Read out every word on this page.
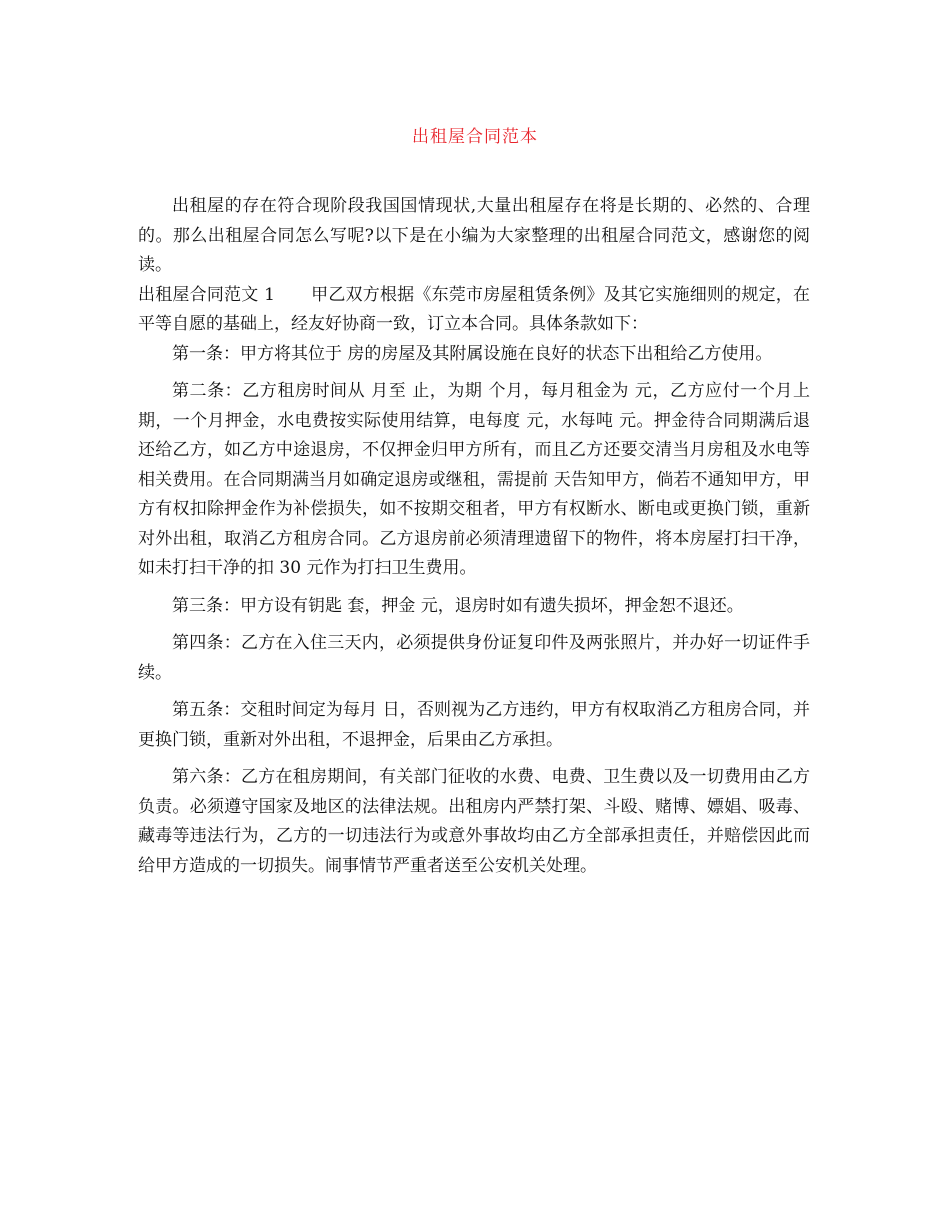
出租屋合同范本

出租屋的存在符合现阶段我国国情现状,大量出租屋存在将是长期的、必然的、合理的。那么出租屋合同怎么写呢?以下是在小编为大家整理的出租屋合同范文，感谢您的阅读。

出租屋合同范文 1 甲乙双方根据《东莞市房屋租赁条例》及其它实施细则的规定，在平等自愿的基础上，经友好协商一致，订立本合同。具体条款如下：

第一条：甲方将其位于 房的房屋及其附属设施在良好的状态下出租给乙方使用。

第二条：乙方租房时间从 月至 止，为期 个月，每月租金为 元，乙方应付一个月上期，一个月押金，水电费按实际使用结算，电每度 元，水每吨 元。押金待合同期满后退还给乙方，如乙方中途退房，不仅押金归甲方所有，而且乙方还要交清当月房租及水电等相关费用。在合同期满当月如确定退房或继租，需提前 天告知甲方，倘若不通知甲方，甲方有权扣除押金作为补偿损失，如不按期交租者，甲方有权断水、断电或更换门锁，重新对外出租，取消乙方租房合同。乙方退房前必须清理遗留下的物件，将本房屋打扫干净，如未打扫干净的扣 30 元作为打扫卫生费用。

第三条：甲方设有钥匙 套，押金 元，退房时如有遗失损坏，押金恕不退还。

第四条：乙方在入住三天内，必须提供身份证复印件及两张照片，并办好一切证件手续。

第五条：交租时间定为每月 日，否则视为乙方违约，甲方有权取消乙方租房合同，并更换门锁，重新对外出租，不退押金，后果由乙方承担。

第六条：乙方在租房期间，有关部门征收的水费、电费、卫生费以及一切费用由乙方负责。必须遵守国家及地区的法律法规。出租房内严禁打架、斗殴、赌博、嫖娼、吸毒、藏毒等违法行为，乙方的一切违法行为或意外事故均由乙方全部承担责任，并赔偿因此而给甲方造成的一切损失。闹事情节严重者送至公安机关处理。
